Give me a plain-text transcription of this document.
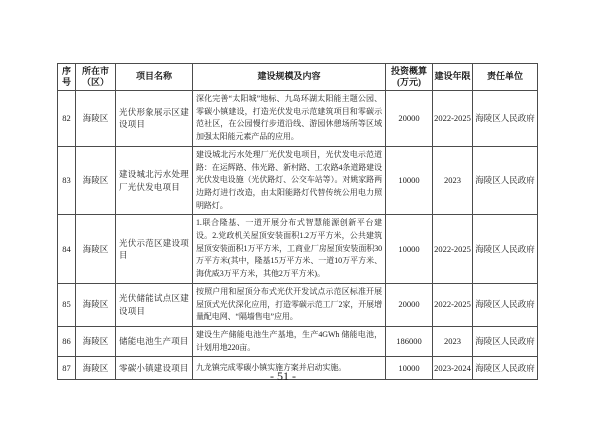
序号	所在市（区）	项目名称	建设规模及内容	投资概算(万元)	建设年限	责任单位
82	海陵区	光伏形象展示区建设项目	深化完善“太阳城”地标、九岛环湖太阳能主题公园、零碳小镇建设，打造光伏发电示范建筑项目和零碳示范社区，在公园慢行步道沿线、游园休憩场所等区域加强太阳能元素产品的应用。	20000	2022-2025	海陵区人民政府
83	海陵区	建设城北污水处理厂光伏发电项目	建设城北污水处理厂光伏发电项目，光伏发电示范道路：在运辉路、伟光路、新村路、工农路4条道路建设光伏发电设施（光伏路灯、公交车站等）。对姚家路两边路灯进行改造，由太阳能路灯代替传统公用电力照明路灯。	10000	2023	海陵区人民政府
84	海陵区	光伏示范区建设项目	1.联合隆基、一道开展分布式智慧能源创新平台建设。2.党政机关屋顶安装面积1.2万平方米，公共建筑屋顶安装面积1万平方米，工商业厂房屋顶安装面积30万平方米(其中，隆基15万平方米、一道10万平方米、海优威3万平方米，其他2万平方米)。	10000	2022-2025	海陵区人民政府
85	海陵区	光伏储能试点区建设项目	按照户用和屋顶分布式光伏开发试点示范区标准开展屋顶式光伏深化应用，打造零碳示范工厂2家，开展增量配电网、“隔墙售电”应用。	20000	2022-2025	海陵区人民政府
86	海陵区	储能电池生产项目	建设生产储能电池生产基地，生产4GWh 储能电池，计划用地220亩。	186000	2023	海陵区人民政府
87	海陵区	零碳小镇建设项目	九龙镇完成零碳小镇实施方案并启动实施。	10000	2023-2024	海陵区人民政府
- 51 -
